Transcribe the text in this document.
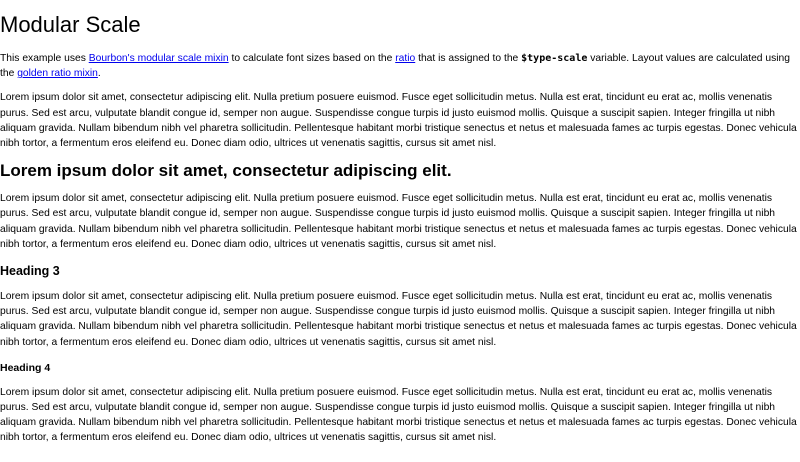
Modular Scale

This example uses Bourbon's modular scale mixin to calculate font sizes based on the ratio that is assigned to the $type-scale variable. Layout values are calculated using the golden ratio mixin.

Lorem ipsum dolor sit amet, consectetur adipiscing elit. Nulla pretium posuere euismod. Fusce eget sollicitudin metus. Nulla est erat, tincidunt eu erat ac, mollis venenatis purus. Sed est arcu, vulputate blandit congue id, semper non augue. Suspendisse congue turpis id justo euismod mollis. Quisque a suscipit sapien. Integer fringilla ut nibh aliquam gravida. Nullam bibendum nibh vel pharetra sollicitudin. Pellentesque habitant morbi tristique senectus et netus et malesuada fames ac turpis egestas. Donec vehicula nibh tortor, a fermentum eros eleifend eu. Donec diam odio, ultrices ut venenatis sagittis, cursus sit amet nisl.

Lorem ipsum dolor sit amet, consectetur adipiscing elit.

Lorem ipsum dolor sit amet, consectetur adipiscing elit. Nulla pretium posuere euismod. Fusce eget sollicitudin metus. Nulla est erat, tincidunt eu erat ac, mollis venenatis purus. Sed est arcu, vulputate blandit congue id, semper non augue. Suspendisse congue turpis id justo euismod mollis. Quisque a suscipit sapien. Integer fringilla ut nibh aliquam gravida. Nullam bibendum nibh vel pharetra sollicitudin. Pellentesque habitant morbi tristique senectus et netus et malesuada fames ac turpis egestas. Donec vehicula nibh tortor, a fermentum eros eleifend eu. Donec diam odio, ultrices ut venenatis sagittis, cursus sit amet nisl.

Heading 3

Lorem ipsum dolor sit amet, consectetur adipiscing elit. Nulla pretium posuere euismod. Fusce eget sollicitudin metus. Nulla est erat, tincidunt eu erat ac, mollis venenatis purus. Sed est arcu, vulputate blandit congue id, semper non augue. Suspendisse congue turpis id justo euismod mollis. Quisque a suscipit sapien. Integer fringilla ut nibh aliquam gravida. Nullam bibendum nibh vel pharetra sollicitudin. Pellentesque habitant morbi tristique senectus et netus et malesuada fames ac turpis egestas. Donec vehicula nibh tortor, a fermentum eros eleifend eu. Donec diam odio, ultrices ut venenatis sagittis, cursus sit amet nisl.

Heading 4

Lorem ipsum dolor sit amet, consectetur adipiscing elit. Nulla pretium posuere euismod. Fusce eget sollicitudin metus. Nulla est erat, tincidunt eu erat ac, mollis venenatis purus. Sed est arcu, vulputate blandit congue id, semper non augue. Suspendisse congue turpis id justo euismod mollis. Quisque a suscipit sapien. Integer fringilla ut nibh aliquam gravida. Nullam bibendum nibh vel pharetra sollicitudin. Pellentesque habitant morbi tristique senectus et netus et malesuada fames ac turpis egestas. Donec vehicula nibh tortor, a fermentum eros eleifend eu. Donec diam odio, ultrices ut venenatis sagittis, cursus sit amet nisl.
